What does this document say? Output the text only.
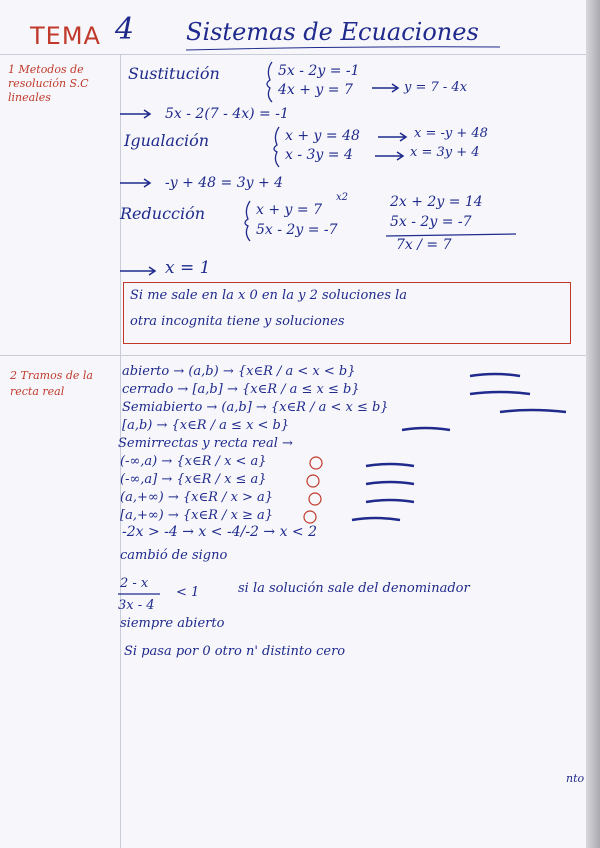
TEMA 4 Sistemas de Ecuaciones
1 Metodos de resolución S.C lineales
2 Tramos de la recta real
Sustitución	5x - 2y = -1
4x + y = 7	y = 7 - 4x
5x - 2(7 - 4x) = -1
Igualación	x + y = 48
x - 3y = 4
x = -y + 48
x = 3y + 4
-y + 48 = 3y + 4
Reducción	x + y = 7
x2
5x - 2y = -7
2x + 2y = 14
5x - 2y = -7
7x / = 7
x = 1
Si me sale en la x 0 en la y 2 soluciones la
otra incognita tiene y soluciones
abierto → (a,b) → {x∈R / a < x < b}
cerrado → [a,b] → {x∈R / a ≤ x ≤ b}
Semiabierto → (a,b] → {x∈R / a < x ≤ b}
[a,b) → {x∈R / a ≤ x < b}
Semirrectas y recta real →
(-∞,a) → {x∈R / x < a}
(-∞,a] → {x∈R / x ≤ a}
(a,+∞) → {x∈R / x > a}
[a,+∞) → {x∈R / x ≥ a}
-2x > -4 → x < -4/-2 → x < 2
cambió de signo
2 - x
3x - 4
< 1	si la solución sale del denominador
siempre abierto
Si pasa por 0 otro n' distinto cero
nto
